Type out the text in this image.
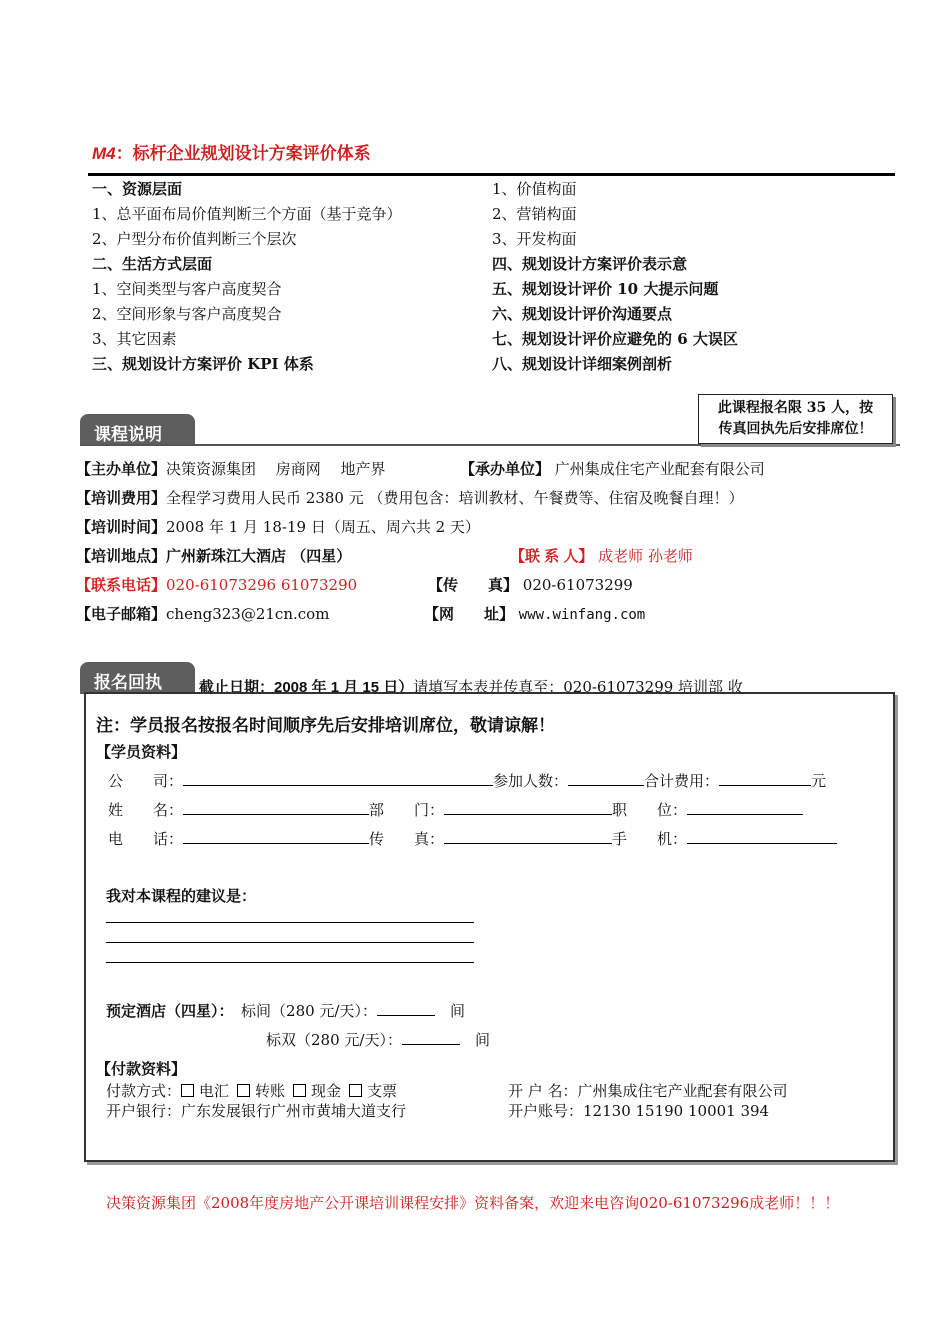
M4：标杆企业规划设计方案评价体系
一、资源层面
1、总平面布局价值判断三个方面（基于竞争）
2、户型分布价值判断三个层次
二、生活方式层面
1、空间类型与客户高度契合
2、空间形象与客户高度契合
3、其它因素
三、规划设计方案评价 KPI 体系
1、价值构面
2、营销构面
3、开发构面
四、规划设计方案评价表示意
五、规划设计评价 10 大提示问题
六、规划设计评价沟通要点
七、规划设计评价应避免的 6 大误区
八、规划设计详细案例剖析
课程说明
此课程报名限 35 人，按
传真回执先后安排席位！
【主办单位】决策资源集团　 房商网　 地产界	【承办单位】 广州集成住宅产业配套有限公司
【培训费用】全程学习费用人民币 2380 元 （费用包含：培训教材、午餐费等、住宿及晚餐自理！）
【培训时间】2008 年 1 月 18-19 日（周五、周六共 2 天）
【培训地点】广州新珠江大酒店 （四星）	【联 系 人】 成老师 孙老师
【联系电话】020-61073296 61073290	【传　　真】 020-61073299
【电子邮箱】cheng323@21cn.com	【网　　址】 www.winfang.com
报名回执	截止日期：2008 年 1 月 15 日）请填写本表并传真至：020-61073299 培训部 收
注：学员报名按报名时间顺序先后安排培训席位，敬请谅解！
【学员资料】
公　　司：	参加人数：	合计费用：	元
姓　　名：	部　　门：	职　　位：
电　　话：	传　　真：	手　　机：
我对本课程的建议是：
预定酒店（四星）：　 标间（280 元/天）：　	间
标双（280 元/天）：　	间
【付款资料】
付款方式： 电汇 转账 现金 支票	开 户 名：广州集成住宅产业配套有限公司
开户银行：广东发展银行广州市黄埔大道支行	开户账号：12130 15190 10001 394
决策资源集团《2008年度房地产公开课培训课程安排》资料备案，欢迎来电咨询020-61073296成老师！！！
